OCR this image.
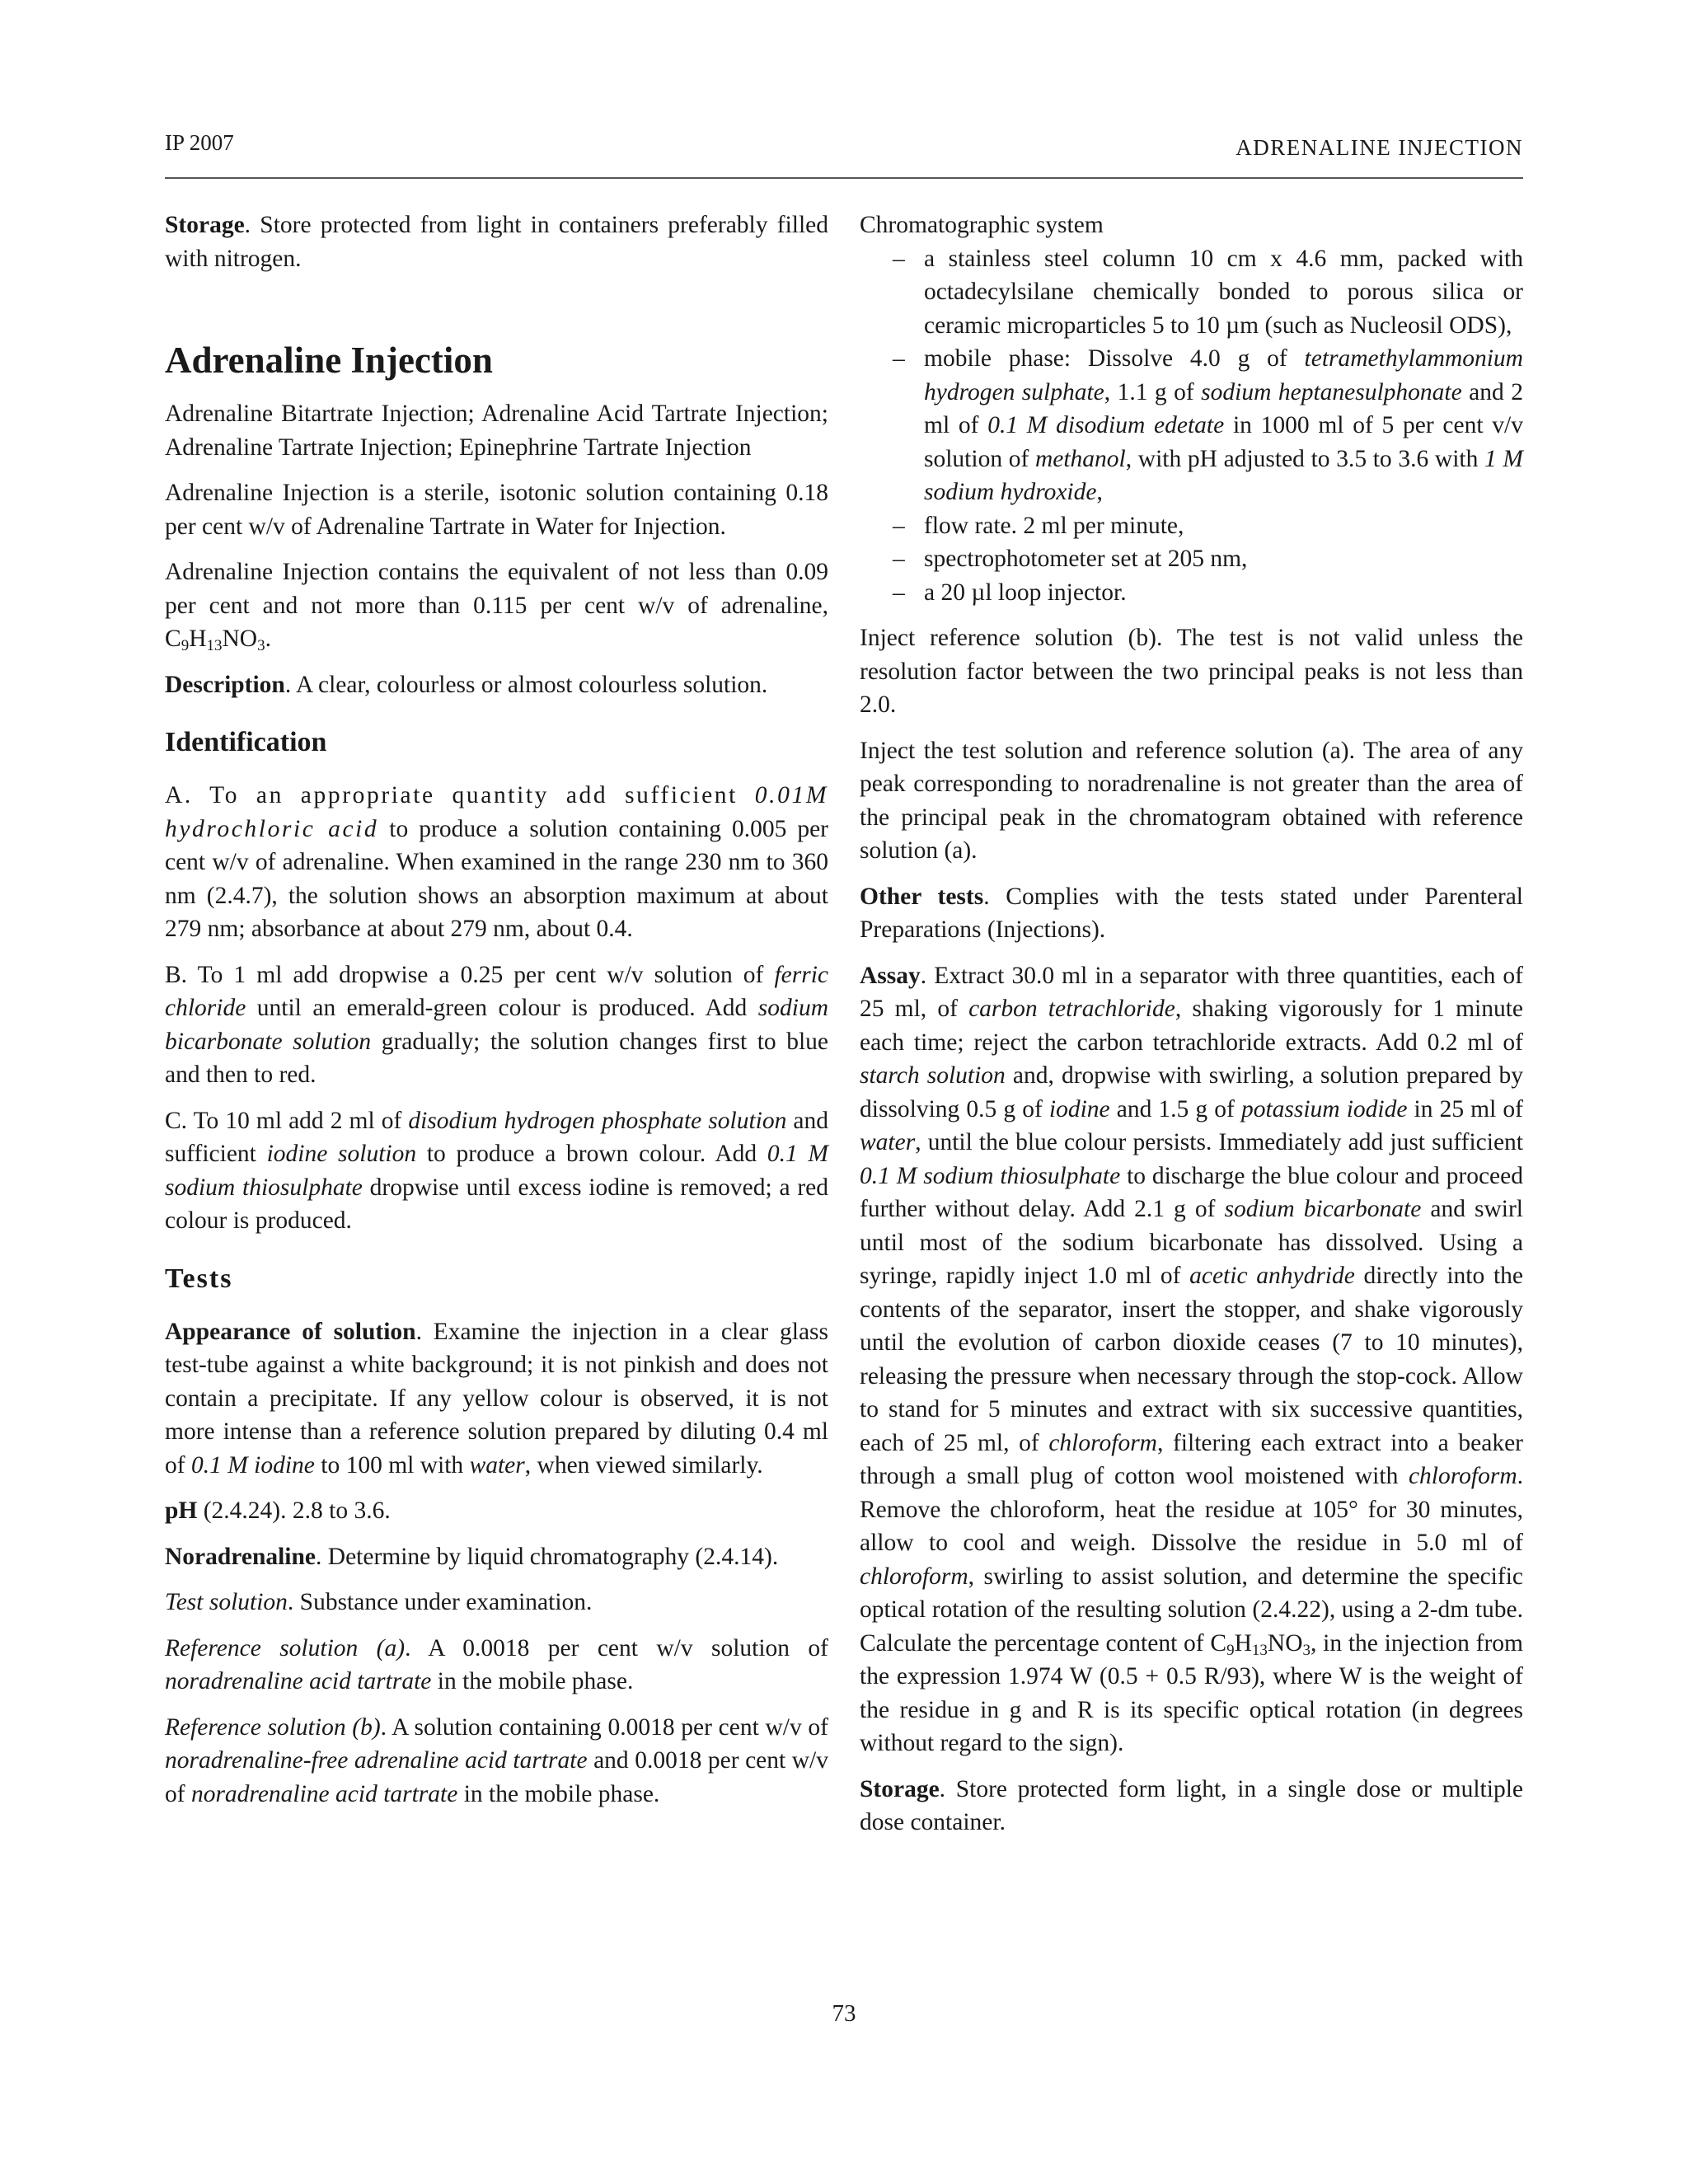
IP 2007	ADRENALINE INJECTION

Storage. Store protected from light in containers preferably filled with nitrogen.

Adrenaline Injection

Adrenaline Bitartrate Injection; Adrenaline Acid Tartrate Injection; Adrenaline Tartrate Injection; Epinephrine Tartrate Injection

Adrenaline Injection is a sterile, isotonic solution containing 0.18 per cent w/v of Adrenaline Tartrate in Water for Injection.

Adrenaline Injection contains the equivalent of not less than 0.09 per cent and not more than 0.115 per cent w/v of adrenaline, $C_9H_{13}NO_3$.

Description. A clear, colourless or almost colourless solution.

Identification

A. To an appropriate quantity add sufficient 0.01M hydrochloric acid to produce a solution containing 0.005 per cent w/v of adrenaline. When examined in the range 230 nm to 360 nm (2.4.7), the solution shows an absorption maximum at about 279 nm; absorbance at about 279 nm, about 0.4.

B. To 1 ml add dropwise a 0.25 per cent w/v solution of ferric chloride until an emerald-green colour is produced. Add sodium bicarbonate solution gradually; the solution changes first to blue and then to red.

C. To 10 ml add 2 ml of disodium hydrogen phosphate solution and sufficient iodine solution to produce a brown colour. Add 0.1 M sodium thiosulphate dropwise until excess iodine is removed; a red colour is produced.

Tests

Appearance of solution. Examine the injection in a clear glass test-tube against a white background; it is not pinkish and does not contain a precipitate. If any yellow colour is observed, it is not more intense than a reference solution prepared by diluting 0.4 ml of 0.1 M iodine to 100 ml with water, when viewed similarly.

pH (2.4.24). 2.8 to 3.6.

Noradrenaline. Determine by liquid chromatography (2.4.14).

Test solution. Substance under examination.

Reference solution (a). A 0.0018 per cent w/v solution of noradrenaline acid tartrate in the mobile phase.

Reference solution (b). A solution containing 0.0018 per cent w/v of noradrenaline-free adrenaline acid tartrate and 0.0018 per cent w/v of noradrenaline acid tartrate in the mobile phase.

Chromatographic system
– a stainless steel column 10 cm x 4.6 mm, packed with octadecylsilane chemically bonded to porous silica or ceramic microparticles 5 to 10 µm (such as Nucleosil ODS),
– mobile phase: Dissolve 4.0 g of tetramethylammonium hydrogen sulphate, 1.1 g of sodium heptanesulphonate and 2 ml of 0.1 M disodium edetate in 1000 ml of 5 per cent v/v solution of methanol, with pH adjusted to 3.5 to 3.6 with 1 M sodium hydroxide,
– flow rate. 2 ml per minute,
– spectrophotometer set at 205 nm,
– a 20 µl loop injector.

Inject reference solution (b). The test is not valid unless the resolution factor between the two principal peaks is not less than 2.0.

Inject the test solution and reference solution (a). The area of any peak corresponding to noradrenaline is not greater than the area of the principal peak in the chromatogram obtained with reference solution (a).

Other tests. Complies with the tests stated under Parenteral Preparations (Injections).

Assay. Extract 30.0 ml in a separator with three quantities, each of 25 ml, of carbon tetrachloride, shaking vigorously for 1 minute each time; reject the carbon tetrachloride extracts. Add 0.2 ml of starch solution and, dropwise with swirling, a solution prepared by dissolving 0.5 g of iodine and 1.5 g of potassium iodide in 25 ml of water, until the blue colour persists. Immediately add just sufficient 0.1 M sodium thiosulphate to discharge the blue colour and proceed further without delay. Add 2.1 g of sodium bicarbonate and swirl until most of the sodium bicarbonate has dissolved. Using a syringe, rapidly inject 1.0 ml of acetic anhydride directly into the contents of the separator, insert the stopper, and shake vigorously until the evolution of carbon dioxide ceases (7 to 10 minutes), releasing the pressure when necessary through the stop-cock. Allow to stand for 5 minutes and extract with six successive quantities, each of 25 ml, of chloroform, filtering each extract into a beaker through a small plug of cotton wool moistened with chloroform. Remove the chloroform, heat the residue at 105° for 30 minutes, allow to cool and weigh. Dissolve the residue in 5.0 ml of chloroform, swirling to assist solution, and determine the specific optical rotation of the resulting solution (2.4.22), using a 2-dm tube. Calculate the percentage content of $C_9H_{13}NO_3$, in the injection from the expression 1.974 W (0.5 + 0.5 R/93), where W is the weight of the residue in g and R is its specific optical rotation (in degrees without regard to the sign).

Storage. Store protected form light, in a single dose or multiple dose container.

73
